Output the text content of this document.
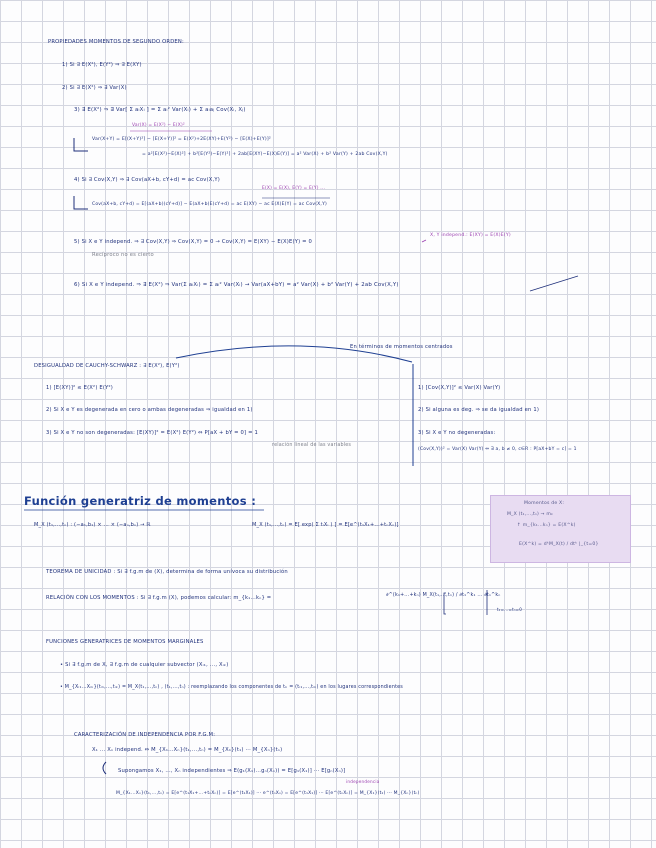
PROPIEDADES MOMENTOS DE SEGUNDO ORDEN:
1) Si ∃ E(X²), E(Y²) ⇒ ∃ E(XY)
2) Si ∃ E(X²) ⇒ ∃ Var(X)
3) ∃ E(X²) ⇒ ∃ Var[ Σ aᵢXᵢ ] = Σ aᵢ² Var(Xᵢ) + Σ aᵢaⱼ Cov(Xᵢ, Xⱼ)
Var(X) = E(X²) − E(X)²
Var(X+Y) = E[(X+Y)²] − [E(X+Y)]² = E(X²)+2E(XY)+E(Y²) − [E(X)+E(Y)]²
= a²[E(X²)−E(X)²] + b²[E(Y²)−E(Y)²] + 2ab[E(XY)−E(X)E(Y)] = a² Var(X) + b² Var(Y) + 2ab Cov(X,Y)
4) Si ∃ Cov(X,Y) ⇒ ∃ Cov(aX+b, cY+d) = ac Cov(X,Y)
E(X) = E(X), E(Y) = E(Y) ...
Cov(aX+b, cY+d) = E[(aX+b)(cY+d)] − E(aX+b)E(cY+d) = ac E(XY) − ac E(X)E(Y) = ac Cov(X,Y)
5) Si X e Y independ. ⇒ ∃ Cov(X,Y) ⇒ Cov(X,Y) = 0 → Cov(X,Y) = E(XY) − E(X)E(Y) = 0
X, Y independ.: E(XY) = E(X)E(Y)
Recíproco no es cierto
6) Si X e Y independ. ⇒ ∃ E(X²) ⇒ Var(Σ aᵢXᵢ) = Σ aᵢ² Var(Xᵢ) → Var(aX+bY) = a² Var(X) + b² Var(Y) + 2ab Cov(X,Y)
En términos de momentos centrados
DESIGUALDAD DE CAUCHY-SCHWARZ : ∃ E(X²), E(Y²)
1) [E(XY)]² ≤ E(X²) E(Y²)
2) Si X e Y es degenerada en cero o ambas degeneradas ⇒ igualdad en 1)
3) Si X e Y no son degeneradas: [E(XY)]² = E(X²) E(Y²) ⇔ P[aX + bY = 0] = 1
relación lineal de las variables
1) [Cov(X,Y)]² ≤ Var(X) Var(Y)
2) Si alguna es deg. ⇒ se da igualdad en 1)
3) Si X e Y no degeneradas:
(Cov(X,Y))² = Var(X) Var(Y) ⇔ ∃ a, b ≠ 0, c∈R : P[aX+bY = c] = 1
Función generatriz de momentos :
M_X (t₁,...,tₙ) : (−a₁,b₁) × ... × (−aₙ,bₙ) → ℝ	M_X (t₁,...,tₙ) = E[ exp( Σ tᵢXᵢ ) ] = E[e^(t₁X₁+...+tₙXₙ)]
Momentos de X:
M_X (t₁,...,tₙ) → mₖ
↑ m_{k₁...kₙ} = E(X^k)
E(X^k) = dᵏM_X(t) / dtᵏ |_{t=0}
TEOREMA DE UNICIDAD : Si ∃ f.g.m de (X), determina de forma unívoca su distribución
RELACIÓN CON LOS MOMENTOS : Si ∃ f.g.m (X), podemos calcular: m_{k₁...kₙ} =	∂^(k₁+...+kₙ) M_X(t₁,...,tₙ) / ∂t₁^k₁ ... ∂tₙ^kₙ
t₁=...=tₙ=0
FUNCIONES GENERATRICES DE MOMENTOS MARGINALES
• Si ∃ f.g.m de X, ∃ f.g.m de cualquier subvector (Xᵢ₁, ..., Xᵢₖ)
• M_{Xᵢ₁...Xᵢₖ}(tᵢ₁,...,tᵢₖ) = M_X(t₁,...,tₙ) , (t₁,...,tₙ) : reemplazando los componentes de tₖ = (tᵢ₁,...,tᵢₖ) en los lugares correspondientes
CARACTERIZACIÓN DE INDEPENDENCIA POR F.G.M:
X₁ ... Xₙ independ. ⇔ M_{X₁...Xₙ}(t₁,...,tₙ) = M_{X₁}(t₁) ··· M_{Xₙ}(tₙ)
Supongamos X₁, ..., Xₙ independientes ⇒ E(g₁(X₁)...gₙ(Xₙ)) = E[g₁(X₁)] ··· E[gₙ(Xₙ)]
independencia
M_{X₁...Xₙ}(t₁,...,tₙ) = E[e^(t₁X₁+...+tₙXₙ)] = E[e^(t₁X₁)] ··· e^(tₙXₙ) = E[e^(t₁X₁)] ··· E[e^(tₙXₙ)] = M_{X₁}(t₁) ··· M_{Xₙ}(tₙ)
